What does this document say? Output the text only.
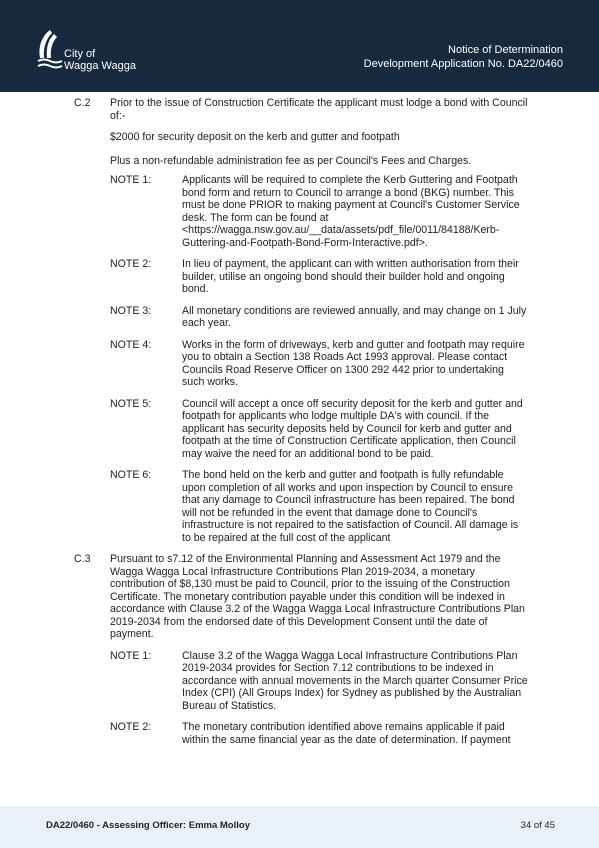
City of
Wagga Wagga
Notice of Determination
Development Application No. DA22/0460
C.2 Prior to the issue of Construction Certificate the applicant must lodge a bond with Council of:-

$2000 for security deposit on the kerb and gutter and footpath

Plus a non-refundable administration fee as per Council's Fees and Charges.

NOTE 1:	Applicants will be required to complete the Kerb Guttering and Footpath bond form and return to Council to arrange a bond (BKG) number. This must be done PRIOR to making payment at Council's Customer Service desk. The form can be found at <https://wagga.nsw.gov.au/__data/assets/pdf_file/0011/84188/Kerb-Guttering-and-Footpath-Bond-Form-Interactive.pdf>.
NOTE 2:	In lieu of payment, the applicant can with written authorisation from their builder, utilise an ongoing bond should their builder hold and ongoing bond.
NOTE 3:	All monetary conditions are reviewed annually, and may change on 1 July each year.
NOTE 4:	Works in the form of driveways, kerb and gutter and footpath may require you to obtain a Section 138 Roads Act 1993 approval. Please contact Councils Road Reserve Officer on 1300 292 442 prior to undertaking such works.
NOTE 5:	Council will accept a once off security deposit for the kerb and gutter and footpath for applicants who lodge multiple DA's with council. If the applicant has security deposits held by Council for kerb and gutter and footpath at the time of Construction Certificate application, then Council may waive the need for an additional bond to be paid.
NOTE 6:	The bond held on the kerb and gutter and footpath is fully refundable upon completion of all works and upon inspection by Council to ensure that any damage to Council infrastructure has been repaired. The bond will not be refunded in the event that damage done to Council's infrastructure is not repaired to the satisfaction of Council. All damage is to be repaired at the full cost of the applicant
C.3 Pursuant to s7.12 of the Environmental Planning and Assessment Act 1979 and the Wagga Wagga Local Infrastructure Contributions Plan 2019-2034, a monetary contribution of $8,130 must be paid to Council, prior to the issuing of the Construction Certificate. The monetary contribution payable under this condition will be indexed in accordance with Clause 3.2 of the Wagga Wagga Local Infrastructure Contributions Plan 2019-2034 from the endorsed date of this Development Consent until the date of payment.
NOTE 1:	Clause 3.2 of the Wagga Wagga Local Infrastructure Contributions Plan 2019-2034 provides for Section 7.12 contributions to be indexed in accordance with annual movements in the March quarter Consumer Price Index (CPI) (All Groups Index) for Sydney as published by the Australian Bureau of Statistics.
NOTE 2:	The monetary contribution identified above remains applicable if paid within the same financial year as the date of determination. If payment
DA22/0460 - Assessing Officer: Emma Molloy	34 of 45
